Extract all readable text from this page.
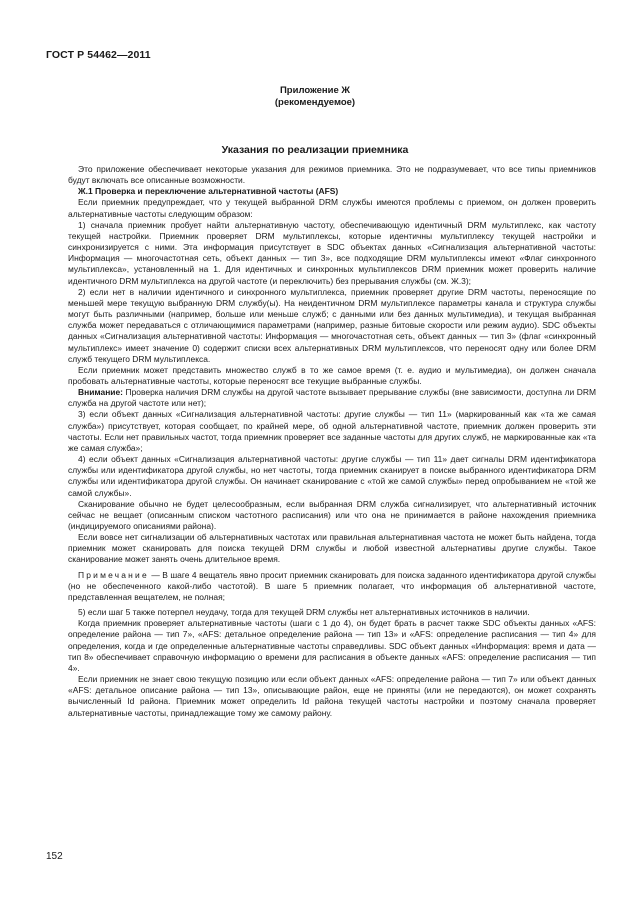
ГОСТ Р 54462—2011
Приложение Ж
(рекомендуемое)
Указания по реализации приемника

Это приложение обеспечивает некоторые указания для режимов приемника. Это не подразумевает, что все типы приемников будут включать все описанные возможности.

Ж.1 Проверка и переключение альтернативной частоты (AFS)

Если приемник предупреждает, что у текущей выбранной DRM службы имеются проблемы с приемом, он должен проверить альтернативные частоты следующим образом:

1) сначала приемник пробует найти альтернативную частоту, обеспечивающую идентичный DRM мультиплекс, как частоту текущей настройки. Приемник проверяет DRM мультиплексы, которые идентичны мультиплексу текущей настройки и синхронизируется с ними. Эта информация присутствует в SDC объектах данных «Сигнализация альтернативной частоты: Информация — многочастотная сеть, объект данных — тип 3», все подходящие DRM мультиплексы имеют «Флаг синхронного мультиплекса», установленный на 1. Для идентичных и синхронных мультиплексов DRM приемник может проверить наличие идентичного DRM мультиплекса на другой частоте (и переключить) без прерывания службы (см. Ж.3);

2) если нет в наличии идентичного и синхронного мультиплекса, приемник проверяет другие DRM частоты, переносящие по меньшей мере текущую выбранную DRM службу(ы). На неидентичном DRM мультиплексе параметры канала и структура службы могут быть различными (например, больше или меньше служб; с данными или без данных мультимедиа), и текущая выбранная служба может передаваться с отличающимися параметрами (например, разные битовые скорости или режим аудио). SDC объекты данных «Сигнализация альтернативной частоты: Информация — многочастотная сеть, объект данных — тип 3» (флаг «синхронный мультиплекс» имеет значение 0) содержит списки всех альтернативных DRM мультиплексов, что переносят одну или более DRM служб текущего DRM мультиплекса.

Если приемник может представить множество служб в то же самое время (т. е. аудио и мультимедиа), он должен сначала пробовать альтернативные частоты, которые переносят все текущие выбранные службы.

Внимание: Проверка наличия DRM службы на другой частоте вызывает прерывание службы (вне зависимости, доступна ли DRM служба на другой частоте или нет);

3) если объект данных «Сигнализация альтернативной частоты: другие службы — тип 11» (маркированный как «та же самая служба») присутствует, которая сообщает, по крайней мере, об одной альтернативной частоте, приемник должен проверить эти частоты. Если нет правильных частот, тогда приемник проверяет все заданные частоты для других служб, не маркированные как «та же самая служба»;

4) если объект данных «Сигнализация альтернативной частоты: другие службы — тип 11» дает сигналы DRM идентификатора службы или идентификатора другой службы, но нет частоты, тогда приемник сканирует в поиске выбранного идентификатора DRM службы или идентификатора другой службы. Он начинает сканирование с «той же самой службы» перед опробыванием не «той же самой службы».

Сканирование обычно не будет целесообразным, если выбранная DRM служба сигнализирует, что альтернативный источник сейчас не вещает (описанным списком частотного расписания) или что она не принимается в районе нахождения приемника (индицируемого описаниями района).

Если вовсе нет сигнализации об альтернативных частотах или правильная альтернативная частота не может быть найдена, тогда приемник может сканировать для поиска текущей DRM службы и любой известной альтернативы другие службы. Такое сканирование может занять очень длительное время.

Примечание — В шаге 4 вещатель явно просит приемник сканировать для поиска заданного идентификатора другой службы (но не обеспеченного какой-либо частотой). В шаге 5 приемник полагает, что информация об альтернативной частоте, представленная вещателем, не полная;

5) если шаг 5 также потерпел неудачу, тогда для текущей DRM службы нет альтернативных источников в наличии.

Когда приемник проверяет альтернативные частоты (шаги с 1 до 4), он будет брать в расчет также SDC объекты данных «AFS: определение района — тип 7», «AFS: детальное определение района — тип 13» и «AFS: определение расписания — тип 4» для определения, когда и где определенные альтернативные частоты справедливы. SDC объект данных «Информация: время и дата — тип 8» обеспечивает справочную информацию о времени для расписания в объекте данных «AFS: определение расписания — тип 4».

Если приемник не знает свою текущую позицию или если объект данных «AFS: определение района — тип 7» или объект данных «AFS: детальное описание района — тип 13», описывающие район, еще не приняты (или не передаются), он может сохранять вычисленный Id района. Приемник может определить Id района текущей частоты настройки и поэтому сначала проверяет альтернативные частоты, принадлежащие тому же самому району.

152
